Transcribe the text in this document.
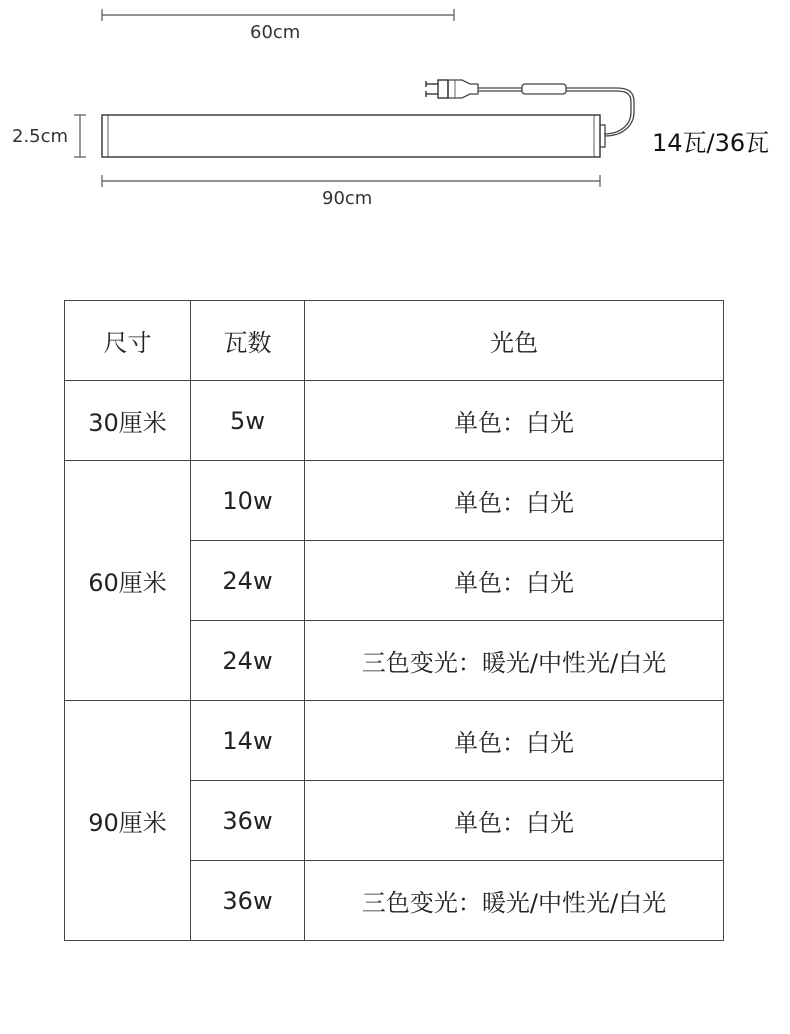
60cm
90cm
2.5cm	14瓦/36瓦
尺寸	瓦数	光色
30厘米	5w	单色：白光
60厘米	10w	单色：白光
	24w	单色：白光
	24w	三色变光：暖光/中性光/白光
90厘米	14w	单色：白光
	36w	单色：白光
	36w	三色变光：暖光/中性光/白光
